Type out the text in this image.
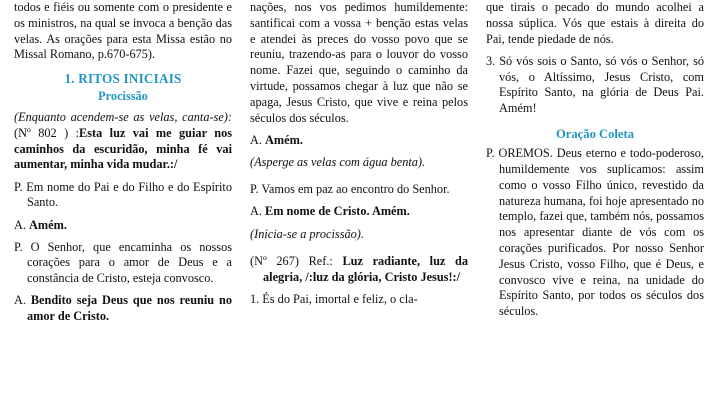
todos e fiéis ou somente com o presidente e os ministros, na qual se invoca a benção das velas. As orações para esta Missa estão no Missal Romano, p.670-675).

1. RITOS INICIAIS
Procissão

(Enquanto acendem-se as velas, canta-se): (Nº 802 ) :Esta luz vai me guiar nos caminhos da escuridão, minha fé vai aumentar, minha vida mudar.:/

P. Em nome do Pai e do Filho e do Espírito Santo.

A. Amém.

P. O Senhor, que encaminha os nossos corações para o amor de Deus e a constância de Cristo, esteja convosco.

A. Bendito seja Deus que nos reuniu no amor de Cristo.

nações, nos vos pedimos humildemente: santificai com a vossa + benção estas velas e atendei às preces do vosso povo que se reuniu, trazendo-as para o louvor do vosso nome. Fazei que, seguindo o caminho da virtude, possamos chegar à luz que não se apaga, Jesus Cristo, que vive e reina pelos séculos dos séculos.

A. Amém.

(Asperge as velas com água benta).

P. Vamos em paz ao encontro do Senhor.

A. Em nome de Cristo. Amém.

(Inicia-se a procissão).

(Nº 267) Ref.: Luz radiante, luz da alegria, /:luz da glória, Cristo Jesus!:/

1. És do Pai, imortal e feliz, o cla-

que tirais o pecado do mundo acolhei a nossa súplica. Vós que estais à direita do Pai, tende piedade de nós.

3. Só vós sois o Santo, só vós o Senhor, só vós, o Altíssimo, Jesus Cristo, com Espírito Santo, na glória de Deus Pai. Amém!

Oração Coleta

P. OREMOS. Deus eterno e todo-poderoso, humildemente vos suplicamos: assim como o vosso Filho único, revestido da natureza humana, foi hoje apresentado no templo, fazei que, também nós, possamos nos apresentar diante de vós com os corações purificados. Por nosso Senhor Jesus Cristo, vosso Filho, que é Deus, e convosco vive e reina, na unidade do Espírito Santo, por todos os séculos dos séculos.
